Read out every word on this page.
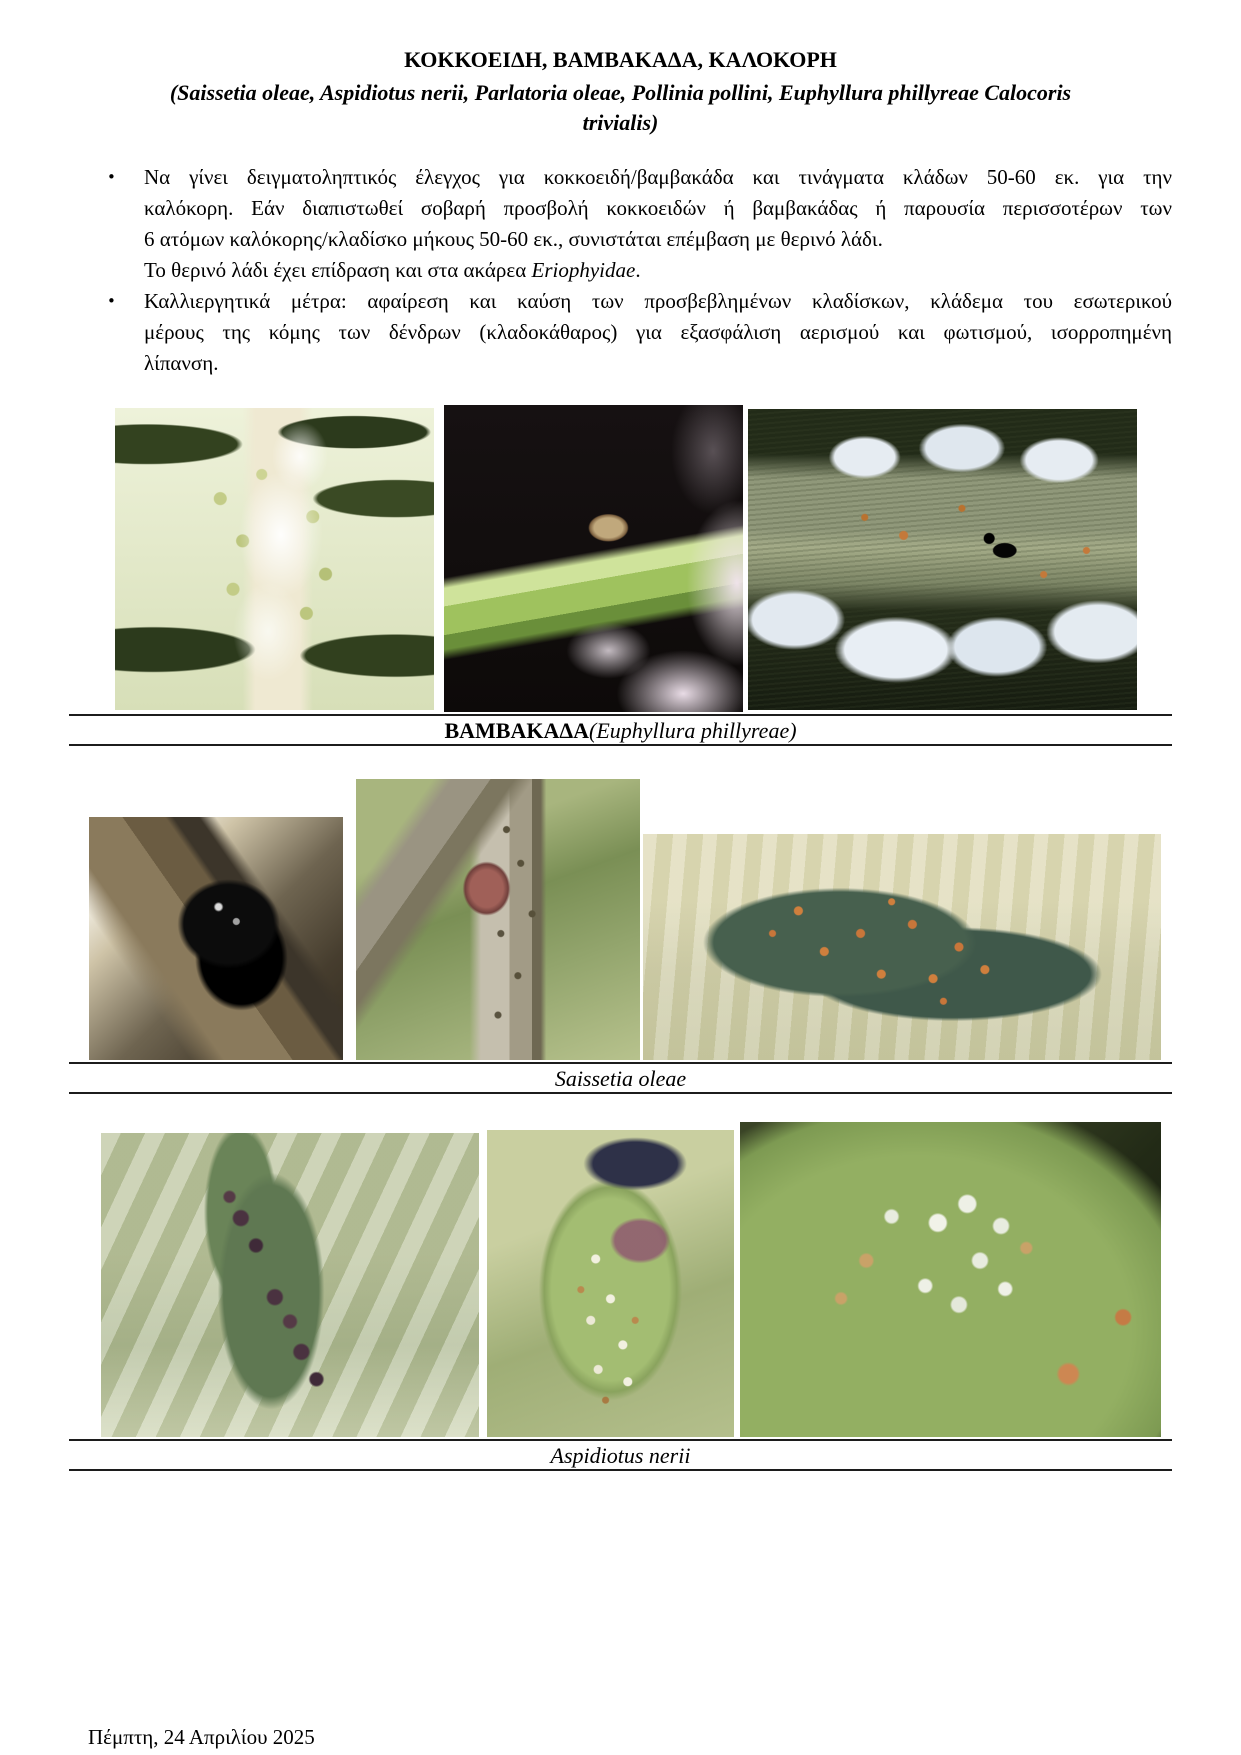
ΚΟΚΚΟΕΙΔΗ, ΒΑΜΒΑΚΑΔΑ, ΚΑΛΟΚΟΡΗ
(Saissetia oleae, Aspidiotus nerii, Parlatoria oleae, Pollinia pollini, Euphyllura phillyreae Calocoris
trivialis)
• Να γίνει δειγματοληπτικός έλεγχος για κοκκοειδή/βαμβακάδα και τινάγματα κλάδων 50-60 εκ. για την
καλόκορη. Εάν διαπιστωθεί σοβαρή προσβολή κοκκοειδών ή βαμβακάδας ή παρουσία περισσοτέρων των
6 ατόμων καλόκορης/κλαδίσκο μήκους 50-60 εκ., συνιστάται επέμβαση με θερινό λάδι.
Το θερινό λάδι έχει επίδραση και στα ακάρεα Eriophyidae.
• Καλλιεργητικά μέτρα: αφαίρεση και καύση των προσβεβλημένων κλαδίσκων, κλάδεμα του εσωτερικού
μέρους της κόμης των δένδρων (κλαδοκάθαρος) για εξασφάλιση αερισμού και φωτισμού, ισορροπημένη
λίπανση.
ΒΑΜΒΑΚΑΔΑ (Euphyllura phillyreae)
Saissetia oleae
Aspidiotus nerii
Πέμπτη, 24 Απριλίου 2025
